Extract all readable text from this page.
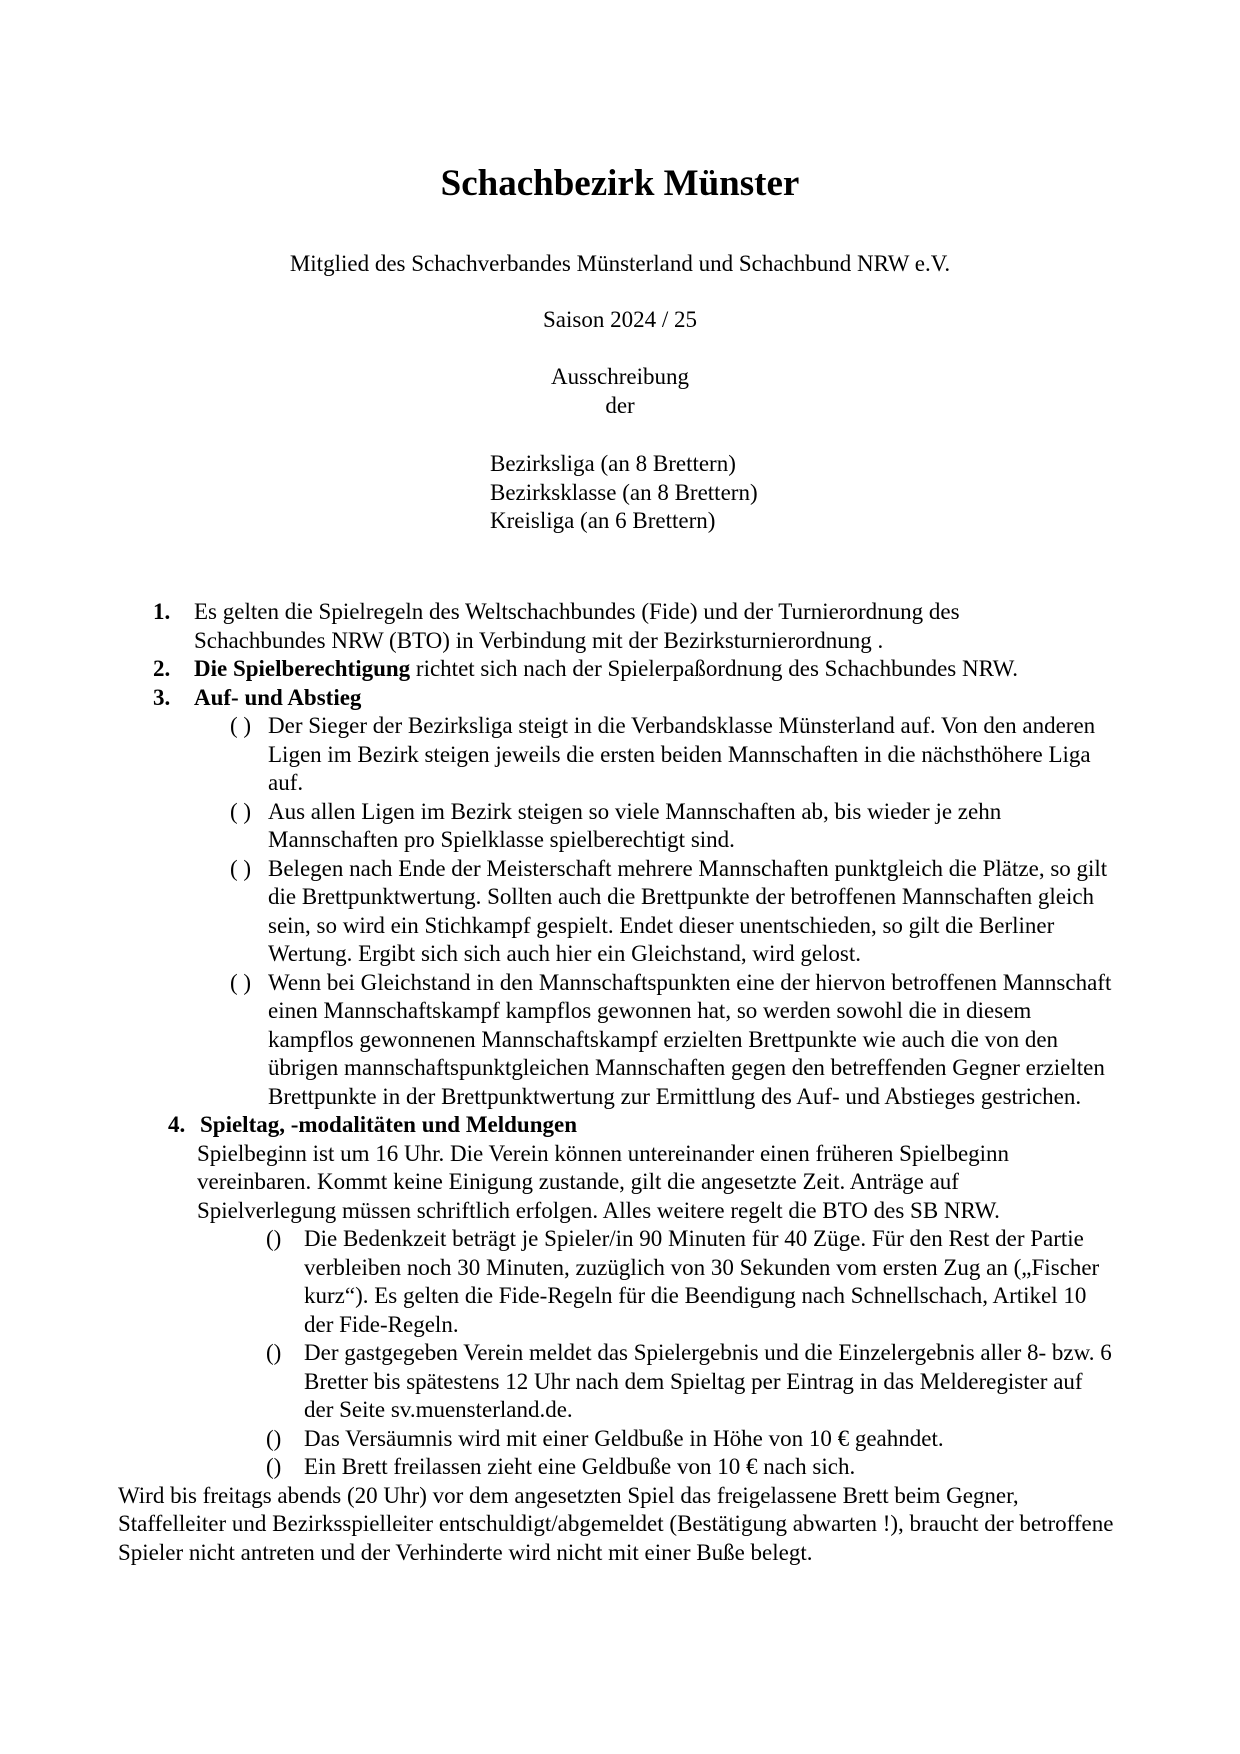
Schachbezirk Münster
Mitglied des Schachverbandes Münsterland und Schachbund NRW e.V.
Saison 2024 / 25
Ausschreibung
der
Bezirksliga (an 8 Brettern)
Bezirksklasse (an 8 Brettern)
Kreisliga (an 6 Brettern)
1. Es gelten die Spielregeln des Weltschachbundes (Fide) und der Turnierordnung des Schachbundes NRW (BTO) in Verbindung mit der Bezirksturnierordnung .
2. Die Spielberechtigung richtet sich nach der Spielerpaßordnung des Schachbundes NRW.
3. Auf- und Abstieg
( ) Der Sieger der Bezirksliga steigt in die Verbandsklasse Münsterland auf. Von den anderen Ligen im Bezirk steigen jeweils die ersten beiden Mannschaften in die nächsthöhere Liga auf.
( ) Aus allen Ligen im Bezirk steigen so viele Mannschaften ab, bis wieder je zehn Mannschaften pro Spielklasse spielberechtigt sind.
( ) Belegen nach Ende der Meisterschaft mehrere Mannschaften punktgleich die Plätze, so gilt die Brettpunktwertung. Sollten auch die Brettpunkte der betroffenen Mannschaften gleich sein, so wird ein Stichkampf gespielt. Endet dieser unentschieden, so gilt die Berliner Wertung. Ergibt sich sich auch hier ein Gleichstand, wird gelost.
( ) Wenn bei Gleichstand in den Mannschaftspunkten eine der hiervon betroffenen Mannschaft einen Mannschaftskampf kampflos gewonnen hat, so werden sowohl die in diesem kampflos gewonnenen Mannschaftskampf erzielten Brettpunkte wie auch die von den übrigen mannschaftspunktgleichen Mannschaften gegen den betreffenden Gegner erzielten Brettpunkte in der Brettpunktwertung zur Ermittlung des Auf- und Abstieges gestrichen.
4. Spieltag, -modalitäten und Meldungen
Spielbeginn ist um 16 Uhr. Die Verein können untereinander einen früheren Spielbeginn vereinbaren. Kommt keine Einigung zustande, gilt die angesetzte Zeit. Anträge auf Spielverlegung müssen schriftlich erfolgen. Alles weitere regelt die BTO des SB NRW.
() Die Bedenkzeit beträgt je Spieler/in 90 Minuten für 40 Züge. Für den Rest der Partie verbleiben noch 30 Minuten, zuzüglich von 30 Sekunden vom ersten Zug an („Fischer kurz“). Es gelten die Fide-Regeln für die Beendigung nach Schnellschach, Artikel 10 der Fide-Regeln.
() Der gastgegeben Verein meldet das Spielergebnis und die Einzelergebnis aller 8- bzw. 6 Bretter bis spätestens 12 Uhr nach dem Spieltag per Eintrag in das Melderegister auf der Seite sv.muensterland.de.
() Das Versäumnis wird mit einer Geldbuße in Höhe von 10 € geahndet.
() Ein Brett freilassen zieht eine Geldbuße von 10 € nach sich.
Wird bis freitags abends (20 Uhr) vor dem angesetzten Spiel das freigelassene Brett beim Gegner, Staffelleiter und Bezirksspielleiter entschuldigt/abgemeldet (Bestätigung abwarten !), braucht der betroffene Spieler nicht antreten und der Verhinderte wird nicht mit einer Buße belegt.
